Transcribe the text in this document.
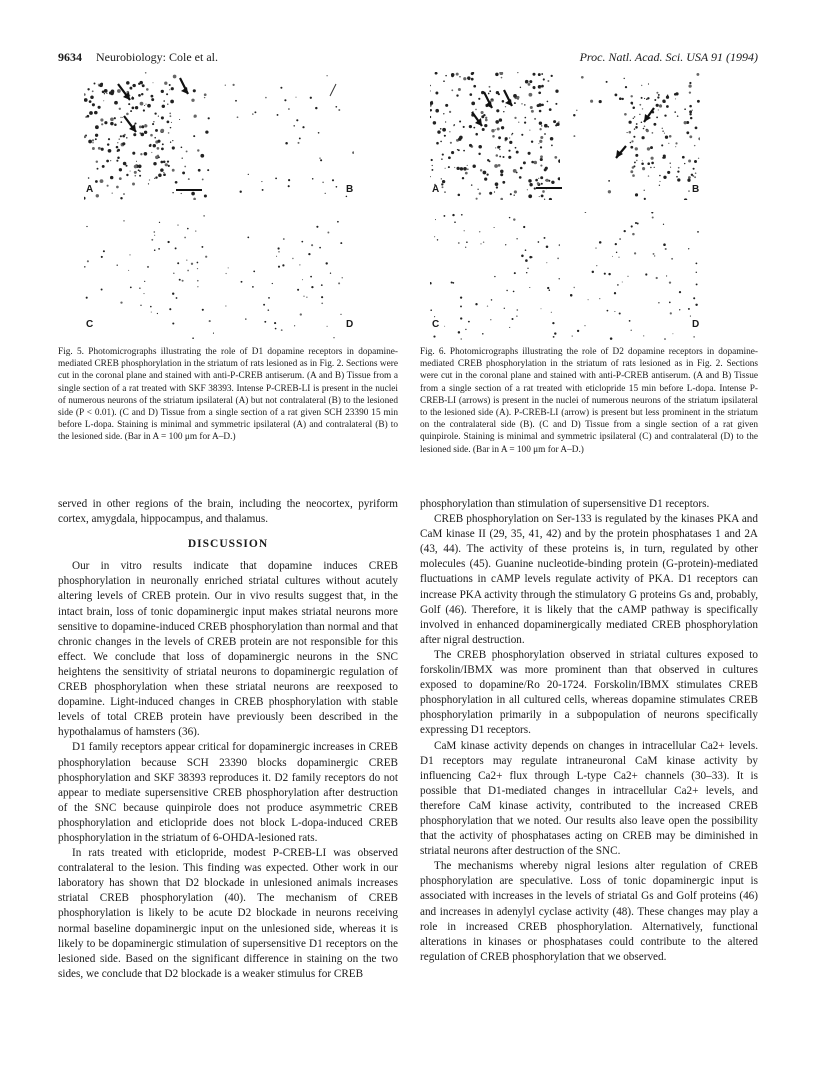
9634 Neurobiology: Cole et al.	Proc. Natl. Acad. Sci. USA 91 (1994)
A	B
C	D
A	B
C	D
Fig. 5. Photomicrographs illustrating the role of D1 dopamine receptors in dopamine-mediated CREB phosphorylation in the striatum of rats lesioned as in Fig. 2. Sections were cut in the coronal plane and stained with anti-P-CREB antiserum. (A and B) Tissue from a single section of a rat treated with SKF 38393. Intense P-CREB-LI is present in the nuclei of numerous neurons of the striatum ipsilateral (A) but not contralateral (B) to the lesioned side (P < 0.01). (C and D) Tissue from a single section of a rat given SCH 23390 15 min before L-dopa. Staining is minimal and symmetric ipsilateral (A) and contralateral (B) to the lesioned side. (Bar in A = 100 μm for A–D.)
Fig. 6. Photomicrographs illustrating the role of D2 dopamine receptors in dopamine-mediated CREB phosphorylation in the striatum of rats lesioned as in Fig. 2. Sections were cut in the coronal plane and stained with anti-P-CREB antiserum. (A and B) Tissue from a single section of a rat treated with eticlopride 15 min before L-dopa. Intense P-CREB-LI (arrows) is present in the nuclei of numerous neurons of the striatum ipsilateral to the lesioned side (A). P-CREB-LI (arrow) is present but less prominent in the striatum on the contralateral side (B). (C and D) Tissue from a single section of a rat given quinpirole. Staining is minimal and symmetric ipsilateral (C) and contralateral (D) to the lesioned side. (Bar in A = 100 μm for A–D.)

served in other regions of the brain, including the neocortex, pyriform cortex, amygdala, hippocampus, and thalamus.

DISCUSSION

Our in vitro results indicate that dopamine induces CREB phosphorylation in neuronally enriched striatal cultures without acutely altering levels of CREB protein. Our in vivo results suggest that, in the intact brain, loss of tonic dopaminergic input makes striatal neurons more sensitive to dopamine-induced CREB phosphorylation than normal and that chronic changes in the levels of CREB protein are not responsible for this effect. We conclude that loss of dopaminergic neurons in the SNC heightens the sensitivity of striatal neurons to dopaminergic regulation of CREB phosphorylation when these striatal neurons are reexposed to dopamine. Light-induced changes in CREB phosphorylation with stable levels of total CREB protein have previously been described in the hypothalamus of hamsters (36).

D1 family receptors appear critical for dopaminergic increases in CREB phosphorylation because SCH 23390 blocks dopaminergic CREB phosphorylation and SKF 38393 reproduces it. D2 family receptors do not appear to mediate supersensitive CREB phosphorylation after destruction of the SNC because quinpirole does not produce asymmetric CREB phosphorylation and eticlopride does not block L-dopa-induced CREB phosphorylation in the striatum of 6-OHDA-lesioned rats.

In rats treated with eticlopride, modest P-CREB-LI was observed contralateral to the lesion. This finding was expected. Other work in our laboratory has shown that D2 blockade in unlesioned animals increases striatal CREB phosphorylation (40). The mechanism of CREB phosphorylation is likely to be acute D2 blockade in neurons receiving normal baseline dopaminergic input on the unlesioned side, whereas it is likely to be dopaminergic stimulation of supersensitive D1 receptors on the lesioned side. Based on the significant difference in staining on the two sides, we conclude that D2 blockade is a weaker stimulus for CREB

phosphorylation than stimulation of supersensitive D1 receptors.

CREB phosphorylation on Ser-133 is regulated by the kinases PKA and CaM kinase II (29, 35, 41, 42) and by the protein phosphatases 1 and 2A (43, 44). The activity of these proteins is, in turn, regulated by other molecules (45). Guanine nucleotide-binding protein (G-protein)-mediated fluctuations in cAMP levels regulate activity of PKA. D1 receptors can increase PKA activity through the stimulatory G proteins Gs and, probably, Golf (46). Therefore, it is likely that the cAMP pathway is specifically involved in enhanced dopaminergically mediated CREB phosphorylation after nigral destruction.

The CREB phosphorylation observed in striatal cultures exposed to forskolin/IBMX was more prominent than that observed in cultures exposed to dopamine/Ro 20-1724. Forskolin/IBMX stimulates CREB phosphorylation in all cultured cells, whereas dopamine stimulates CREB phosphorylation primarily in a subpopulation of neurons specifically expressing D1 receptors.

CaM kinase activity depends on changes in intracellular Ca2+ levels. D1 receptors may regulate intraneuronal CaM kinase activity by influencing Ca2+ flux through L-type Ca2+ channels (30–33). It is possible that D1-mediated changes in intracellular Ca2+ levels, and therefore CaM kinase activity, contributed to the increased CREB phosphorylation that we noted. Our results also leave open the possibility that the activity of phosphatases acting on CREB may be diminished in striatal neurons after destruction of the SNC.

The mechanisms whereby nigral lesions alter regulation of CREB phosphorylation are speculative. Loss of tonic dopaminergic input is associated with increases in the levels of striatal Gs and Golf proteins (46) and increases in adenylyl cyclase activity (48). These changes may play a role in increased CREB phosphorylation. Alternatively, functional alterations in kinases or phosphatases could contribute to the altered regulation of CREB phosphorylation that we observed.
